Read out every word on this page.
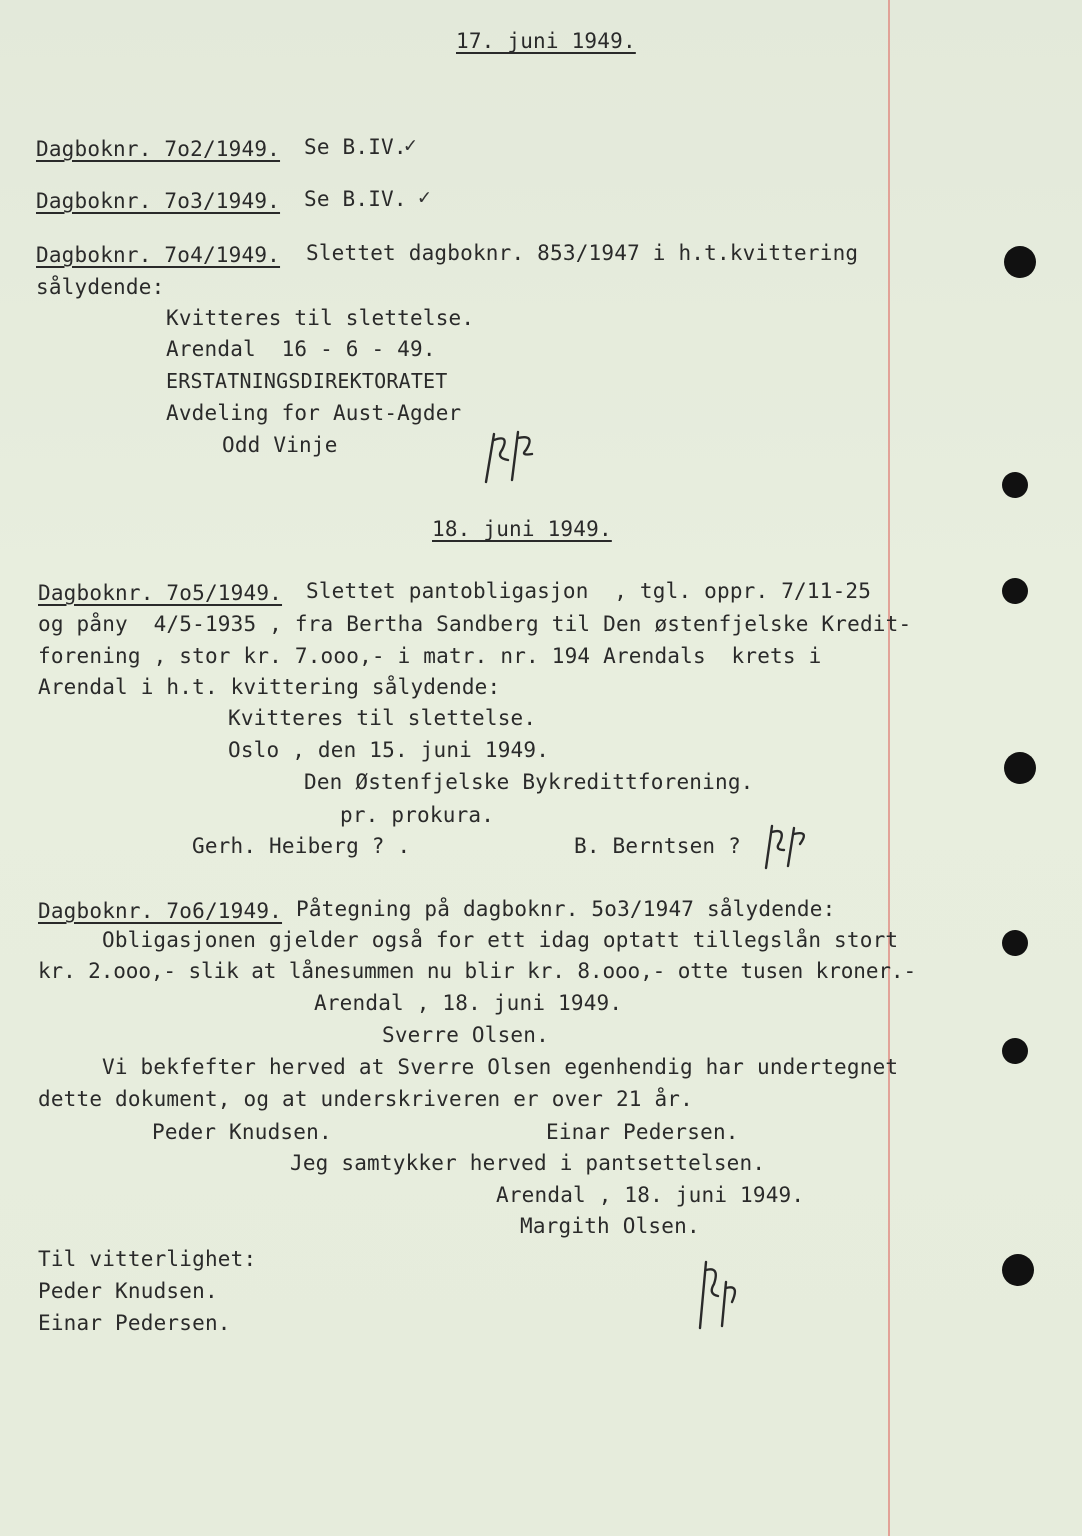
17. juni 1949.
Dagboknr. 7o2/1949. Se B.IV.
✓
Dagboknr. 7o3/1949. Se B.IV. ✓
Dagboknr. 7o4/1949. Slettet dagboknr. 853/1947 i h.t.kvittering
sålydende:
Kvitteres til slettelse.
Arendal  16 - 6 - 49.
ERSTATNINGSDIREKTORATET
Avdeling for Aust-Agder
Odd Vinje
18. juni 1949.
Dagboknr. 7o5/1949. Slettet pantobligasjon  , tgl. oppr. 7/11-25
og påny  4/5-1935 , fra Bertha Sandberg til Den østenfjelske Kredit-
forening , stor kr. 7.ooo,- i matr. nr. 194 Arendals  krets i
Arendal i h.t. kvittering sålydende:
Kvitteres til slettelse.
Oslo , den 15. juni 1949.
Den Østenfjelske Bykredittforening.
pr. prokura.
Gerh. Heiberg ? .	B. Berntsen ?
Dagboknr. 7o6/1949. Påtegning på dagboknr. 5o3/1947 sålydende:
Obligasjonen gjelder også for ett idag optatt tillegslån stort
kr. 2.ooo,- slik at lånesummen nu blir kr. 8.ooo,- otte tusen kroner.-
Arendal , 18. juni 1949.
Sverre Olsen.
Vi bekfefter herved at Sverre Olsen egenhendig har undertegnet
dette dokument, og at underskriveren er over 21 år.
Peder Knudsen.	Einar Pedersen.
Jeg samtykker herved i pantsettelsen.
Arendal , 18. juni 1949.
Margith Olsen.
Til vitterlighet:
Peder Knudsen.
Einar Pedersen.
